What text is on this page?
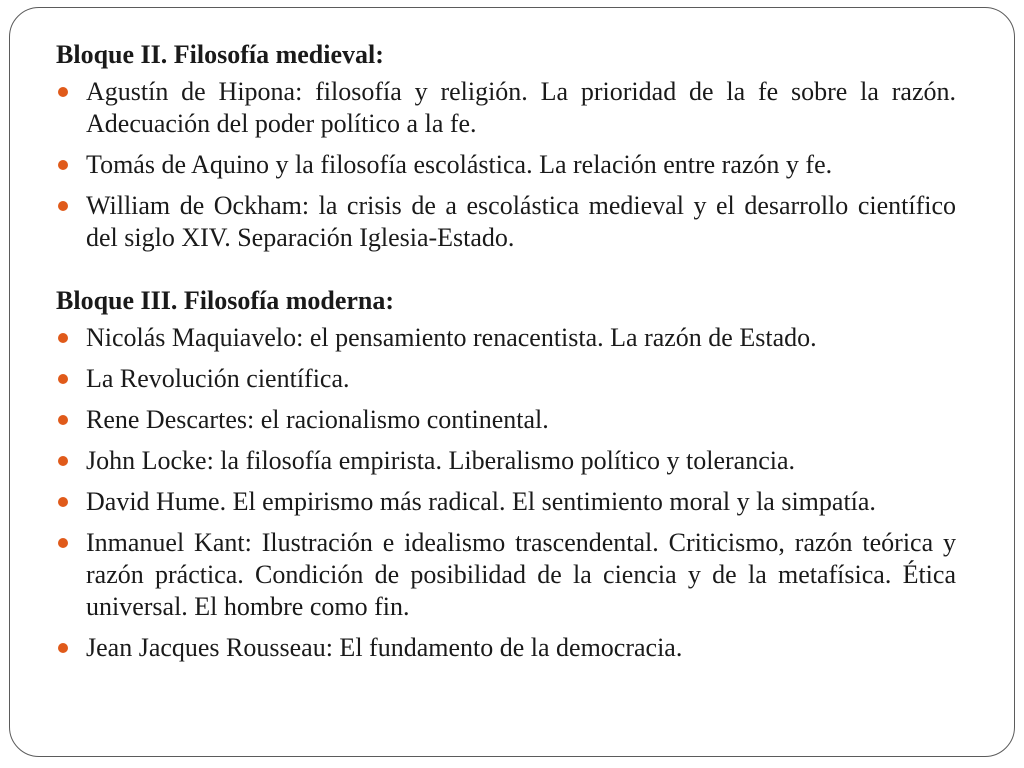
Bloque II. Filosofía medieval:
Agustín de Hipona: filosofía y religión. La prioridad de la fe sobre la razón. Adecuación del poder político a la fe.
Tomás de Aquino y la filosofía escolástica. La relación entre razón y fe.
William de Ockham: la crisis de a escolástica medieval y el desarrollo científico del siglo XIV. Separación Iglesia-Estado.
Bloque III. Filosofía moderna:
Nicolás Maquiavelo: el pensamiento renacentista. La razón de Estado.
La Revolución científica.
Rene Descartes: el racionalismo continental.
John Locke: la filosofía empirista. Liberalismo político y tolerancia.
David Hume. El empirismo más radical. El sentimiento moral y la simpatía.
Inmanuel Kant: Ilustración e idealismo trascendental. Criticismo, razón teórica y razón práctica. Condición de posibilidad de la ciencia y de la metafísica. Ética universal. El hombre como fin.
Jean Jacques Rousseau: El fundamento de la democracia.
